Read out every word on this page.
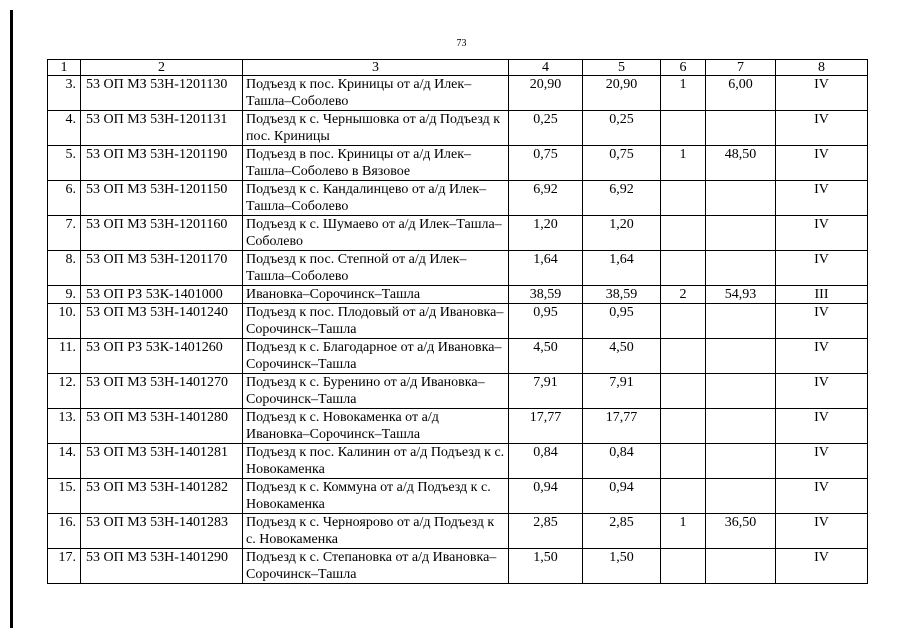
73
1	2	3	4	5	6	7	8
3.	53 ОП МЗ 53Н-1201130	Подъезд к пос. Криницы от а/д Илек–Ташла–Соболево	20,90	20,90	1	6,00	IV
4.	53 ОП МЗ 53Н-1201131	Подъезд к с. Чернышовка от а/д Подъезд к пос. Криницы	0,25	0,25			IV
5.	53 ОП МЗ 53Н-1201190	Подъезд в пос. Криницы от а/д Илек–Ташла–Соболево в Вязовое	0,75	0,75	1	48,50	IV
6.	53 ОП МЗ 53Н-1201150	Подъезд к с. Кандалинцево от а/д Илек–Ташла–Соболево	6,92	6,92			IV
7.	53 ОП МЗ 53Н-1201160	Подъезд к с. Шумаево от а/д Илек–Ташла–Соболево	1,20	1,20			IV
8.	53 ОП МЗ 53Н-1201170	Подъезд к пос. Степной от а/д Илек–Ташла–Соболево	1,64	1,64			IV
9.	53 ОП РЗ 53К-1401000	Ивановка–Сорочинск–Ташла	38,59	38,59	2	54,93	III
10.	53 ОП МЗ 53Н-1401240	Подъезд к пос. Плодовый от а/д Ивановка–Сорочинск–Ташла	0,95	0,95			IV
11.	53 ОП РЗ 53К-1401260	Подъезд к с. Благодарное от а/д Ивановка–Сорочинск–Ташла	4,50	4,50			IV
12.	53 ОП МЗ 53Н-1401270	Подъезд к с. Буренино от а/д Ивановка–Сорочинск–Ташла	7,91	7,91			IV
13.	53 ОП МЗ 53Н-1401280	Подъезд к с. Новокаменка от а/д Ивановка–Сорочинск–Ташла	17,77	17,77			IV
14.	53 ОП МЗ 53Н-1401281	Подъезд к пос. Калинин от а/д Подъезд к с. Новокаменка	0,84	0,84			IV
15.	53 ОП МЗ 53Н-1401282	Подъезд к с. Коммуна от а/д Подъезд к с. Новокаменка	0,94	0,94			IV
16.	53 ОП МЗ 53Н-1401283	Подъезд к с. Черноярово от а/д Подъезд к с. Новокаменка	2,85	2,85	1	36,50	IV
17.	53 ОП МЗ 53Н-1401290	Подъезд к с. Степановка от а/д Ивановка–Сорочинск–Ташла	1,50	1,50			IV
